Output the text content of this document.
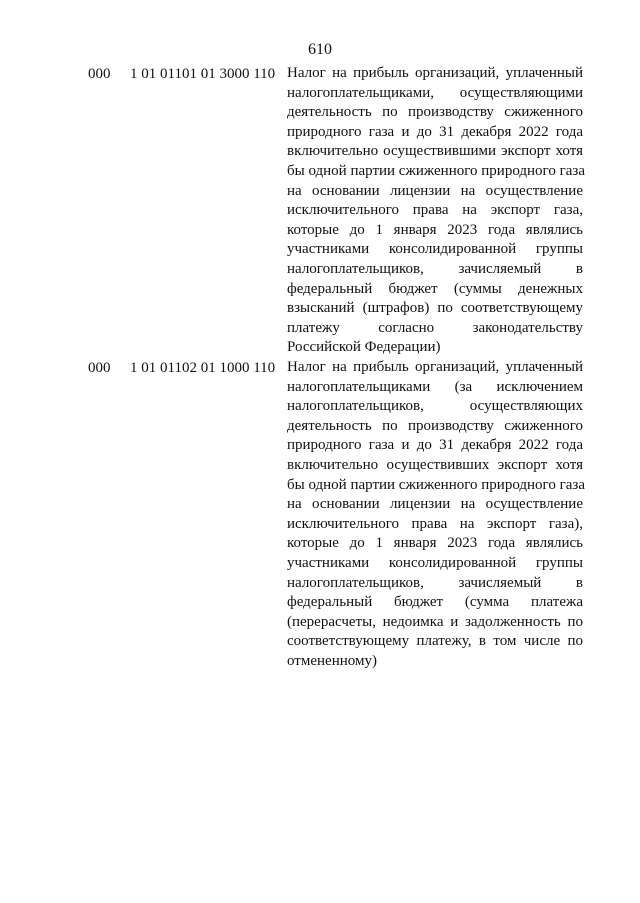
610
000 1 01 01101 01 3000 110 Налог на прибыль организаций, уплаченный
налогоплательщиками, осуществляющими
деятельность по производству сжиженного
природного газа и до 31 декабря 2022 года
включительно осуществившими экспорт хотя
бы одной партии сжиженного природного газа
на основании лицензии на осуществление
исключительного права на экспорт газа,
которые до 1 января 2023 года являлись
участниками консолидированной группы
налогоплательщиков, зачисляемый в
федеральный бюджет (суммы денежных
взысканий (штрафов) по соответствующему
платежу согласно законодательству
Российской Федерации)
000 1 01 01102 01 1000 110 Налог на прибыль организаций, уплаченный
налогоплательщиками (за исключением
налогоплательщиков, осуществляющих
деятельность по производству сжиженного
природного газа и до 31 декабря 2022 года
включительно осуществивших экспорт хотя
бы одной партии сжиженного природного газа
на основании лицензии на осуществление
исключительного права на экспорт газа),
которые до 1 января 2023 года являлись
участниками консолидированной группы
налогоплательщиков, зачисляемый в
федеральный бюджет (сумма платежа
(перерасчеты, недоимка и задолженность по
соответствующему платежу, в том числе по
отмененному)
